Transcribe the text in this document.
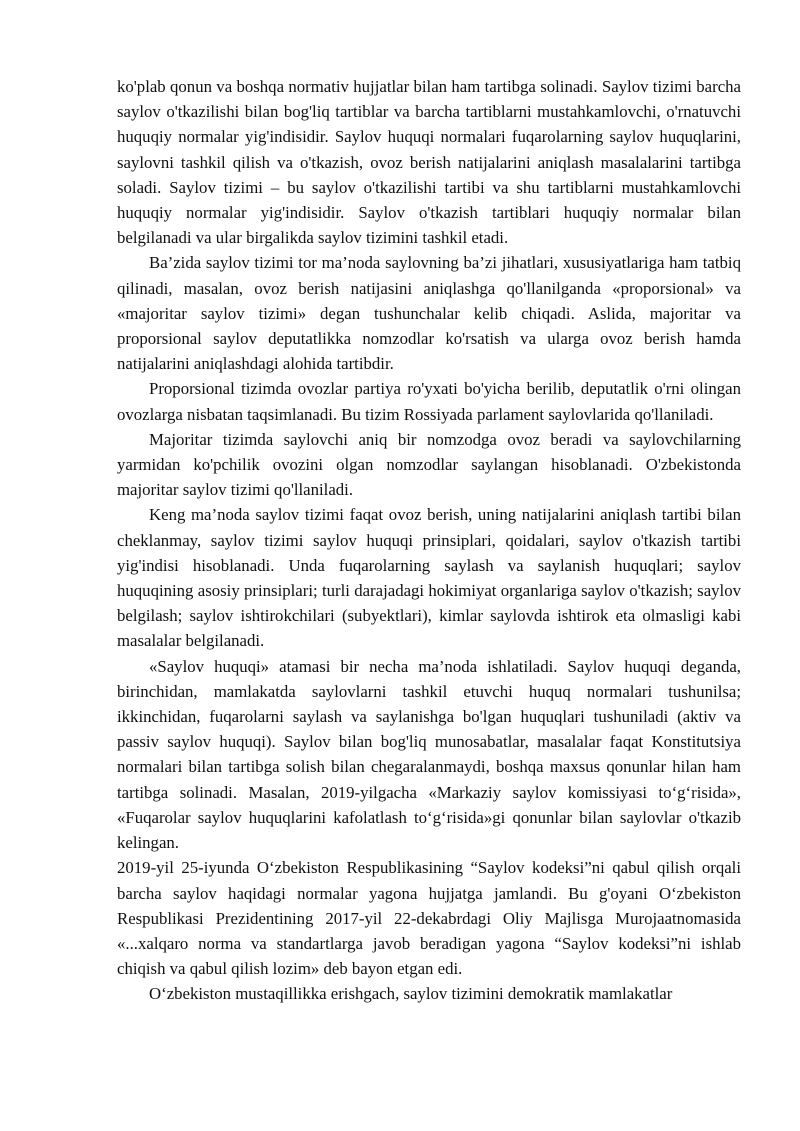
ko'plab qonun va boshqa normativ hujjatlar bilan ham tartibga solinadi. Saylov tizimi barcha saylov o'tkazilishi bilan bog'liq tartiblar va barcha tartiblarni mustahkamlovchi, o'rnatuvchi huquqiy normalar yig'indisidir. Saylov huquqi normalari fuqarolarning saylov huquqlarini, saylovni tashkil qilish va o'tkazish, ovoz berish natijalarini aniqlash masalalarini tartibga soladi. Saylov tizimi – bu saylov o'tkazilishi tartibi va shu tartiblarni mustahkamlovchi huquqiy normalar yig'indisidir. Saylov o'tkazish tartiblari huquqiy normalar bilan belgilanadi va ular birgalikda saylov tizimini tashkil etadi.

Ba’zida saylov tizimi tor ma’noda saylovning ba’zi jihatlari, xususiyatlariga ham tatbiq qilinadi, masalan, ovoz berish natijasini aniqlashga qo'llanilganda «proporsional» va «majoritar saylov tizimi» degan tushunchalar kelib chiqadi. Aslida, majoritar va proporsional saylov deputatlikka nomzodlar ko'rsatish va ularga ovoz berish hamda natijalarini aniqlashdagi alohida tartibdir.

Proporsional tizimda ovozlar partiya ro'yxati bo'yicha berilib, deputatlik o'rni olingan ovozlarga nisbatan taqsimlanadi. Bu tizim Rossiyada parlament saylovlarida qo'llaniladi.

Majoritar tizimda saylovchi aniq bir nomzodga ovoz beradi va saylovchilarning yarmidan ko'pchilik ovozini olgan nomzodlar saylangan hisoblanadi. O'zbekistonda majoritar saylov tizimi qo'llaniladi.

Keng ma’noda saylov tizimi faqat ovoz berish, uning natijalarini aniqlash tartibi bilan cheklanmay, saylov tizimi saylov huquqi prinsiplari, qoidalari, saylov o'tkazish tartibi yig'indisi hisoblanadi. Unda fuqarolarning saylash va saylanish huquqlari; saylov huquqining asosiy prinsiplari; turli darajadagi hokimiyat organlariga saylov o'tkazish; saylov belgilash; saylov ishtirokchilari (subyektlari), kimlar saylovda ishtirok eta olmasligi kabi masalalar belgilanadi.

«Saylov huquqi» atamasi bir necha ma’noda ishlatiladi. Saylov huquqi deganda, birinchidan, mamlakatda saylovlarni tashkil etuvchi huquq normalari tushunilsa; ikkinchidan, fuqarolarni saylash va saylanishga bo'lgan huquqlari tushuniladi (aktiv va passiv saylov huquqi). Saylov bilan bog'liq munosabatlar, masalalar faqat Konstitutsiya normalari bilan tartibga solish bilan chegaralanmaydi, boshqa maxsus qonunlar hilan ham tartibga solinadi. Masalan, 2019-yilgacha «Markaziy saylov komissiyasi to‘g‘risida», «Fuqarolar saylov huquqlarini kafolatlash to‘g‘risida»gi qonunlar bilan saylovlar o'tkazib kelingan.

2019-yil 25-iyunda O‘zbekiston Respublikasining “Saylov kodeksi”ni qabul qilish orqali barcha saylov haqidagi normalar yagona hujjatga jamlandi. Bu g'oyani O‘zbekiston Respublikasi Prezidentining 2017-yil 22-dekabrdagi Oliy Majlisga Murojaatnomasida «...xalqaro norma va standartlarga javob beradigan yagona “Saylov kodeksi”ni ishlab chiqish va qabul qilish lozim» deb bayon etgan edi.

O‘zbekiston mustaqillikka erishgach, saylov tizimini demokratik mamlakatlar
